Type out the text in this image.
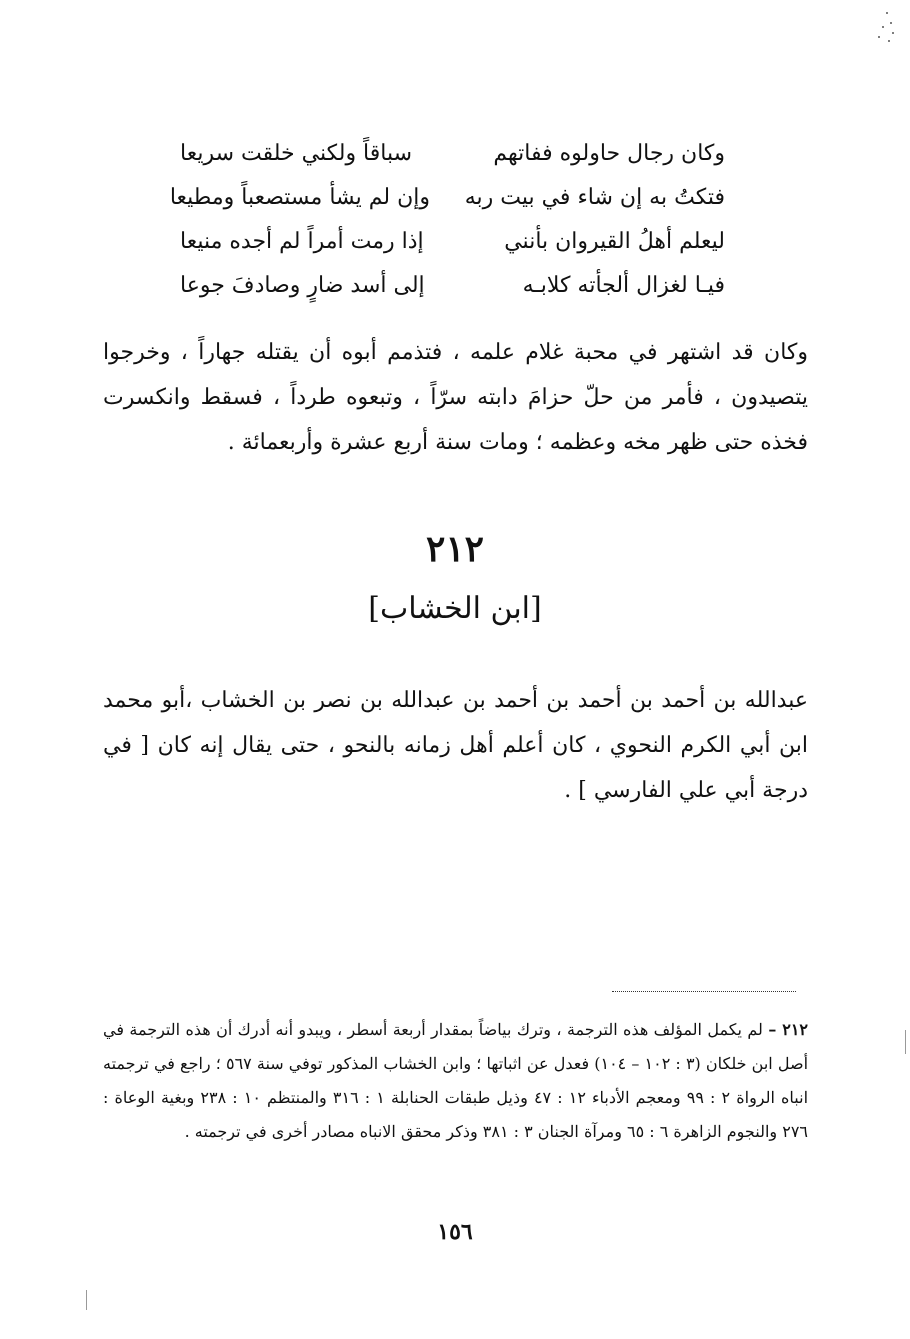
وكان رجال حاولوه ففاتهم
سباقاً ولكني خلقت سريعا
فتكتُ به إن شاء في بيت ربه
وإن لم يشأ مستصعباً ومطيعا
ليعلم أهلُ القيروان بأنني
إذا رمت أمراً لم أجده منيعا
فيـا لغزال ألجأته كلابـه
إلى أسد ضارٍ وصادفَ جوعا

وكان قد اشتهر في محبة غلام علمه ، فتذمم أبوه أن يقتله جهاراً ، وخرجوا يتصيدون ، فأمر من حلّ حزامَ دابته سرّاً ، وتبعوه طرداً ، فسقط وانكسرت فخذه حتى ظهر مخه وعظمه ؛ ومات سنة أربع عشرة وأربعمائة .

٢١٢
[ابن الخشاب]

عبدالله بن أحمد بن أحمد بن أحمد بن عبدالله بن نصر بن الخشاب ،أبو محمد ابن أبي الكرم النحوي ، كان أعلم أهل زمانه بالنحو ، حتى يقال إنه كان [ في درجة أبي علي الفارسي ] .

٢١٢ – لم يكمل المؤلف هذه الترجمة ، وترك بياضاً بمقدار أربعة أسطر ، ويبدو أنه أدرك أن هذه الترجمة في أصل ابن خلكان (٣ : ١٠٢ – ١٠٤) فعدل عن اثباتها ؛ وابن الخشاب المذكور توفي سنة ٥٦٧ ؛ راجع في ترجمته انباه الرواة ٢ : ٩٩ ومعجم الأدباء ١٢ : ٤٧ وذيل طبقات الحنابلة ١ : ٣١٦ والمنتظم ١٠ : ٢٣٨ وبغية الوعاة : ٢٧٦ والنجوم الزاهرة ٦ : ٦٥ ومرآة الجنان ٣ : ٣٨١ وذكر محقق الانباه مصادر أخرى في ترجمته .

١٥٦
